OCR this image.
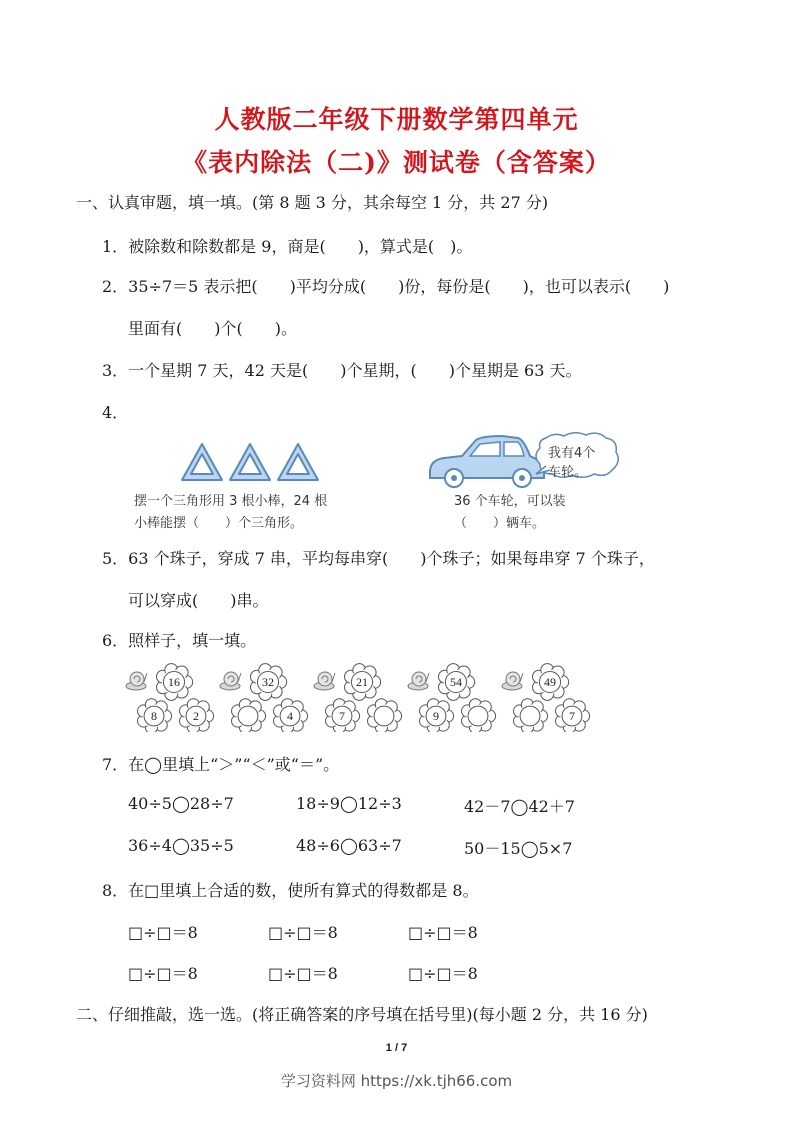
人教版二年级下册数学第四单元
《表内除法（二)》测试卷（含答案）
一、认真审题，填一填。(第 8 题 3 分，其余每空 1 分，共 27 分)
1．被除数和除数都是 9，商是(　　)，算式是(　)。
2．35÷7＝5 表示把(　　)平均分成(　　)份，每份是(　　)，也可以表示(　　)
里面有(　　)个(　　)。
3．一个星期 7 天，42 天是(　　)个星期，(　　)个星期是 63 天。
4．
摆一个三角形用 3 根小棒，24 根
小棒能摆（　　）个三角形。
我有4个
车轮。
36 个车轮，可以装
（　　）辆车。
5．63 个珠子，穿成 7 串，平均每串穿(　　)个珠子；如果每串穿 7 个珠子，
可以穿成(　　)串。
6．照样子，填一填。
16
8	2
32
4
21
7
54
9
49
7
7．在◯里填上“＞”“＜”或“＝”。
40÷5◯28÷7	18÷9◯12÷3	42－7◯42＋7
36÷4◯35÷5	48÷6◯63÷7	50－15◯5×7
8．在□里填上合适的数，使所有算式的得数都是 8。
□÷□＝8	□÷□＝8	□÷□＝8
□÷□＝8	□÷□＝8	□÷□＝8
二、仔细推敲，选一选。(将正确答案的序号填在括号里)(每小题 2 分，共 16 分)
1 / 7
学习资料网 https://xk.tjh66.com
